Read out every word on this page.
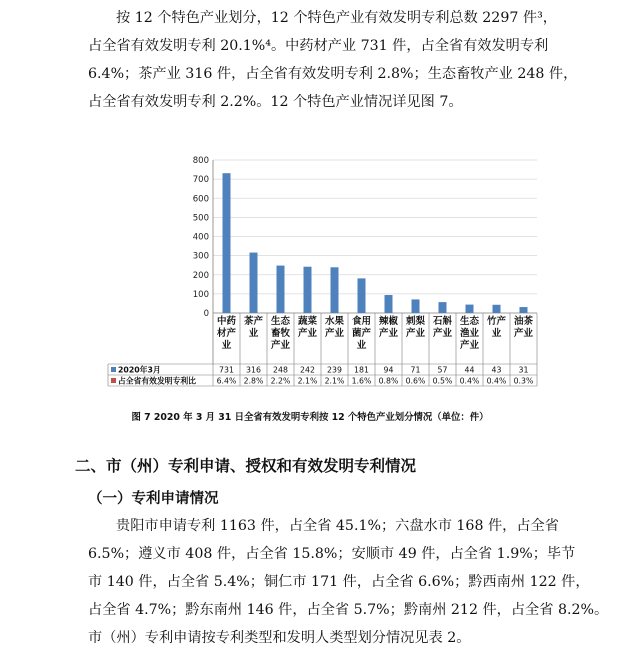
按 12 个特色产业划分，12 个特色产业有效发明专利总数 2297 件³，
占全省有效发明专利 20.1%⁴。中药材产业 731 件，占全省有效发明专利
6.4%；茶产业 316 件，占全省有效发明专利 2.8%；生态畜牧产业 248 件，
占全省有效发明专利 2.2%。12 个特色产业情况详见图 7。
0
100
200
300
400
500
600
700
800
中药
材产
业
茶产
业
生态
畜牧
产业
蔬菜
产业
水果
产业
食用
菌产
业
辣椒
产业
刺梨
产业
石斛
产业
生态
渔业
产业
竹产
业
油茶
产业
2020年3月	731 316 248 242 239 181 94 71 57 44 43 31
占全省有效发明专利比	6.4% 2.8% 2.2% 2.1% 2.1% 1.6% 0.8% 0.6% 0.5% 0.4% 0.4% 0.3%
图 7 2020 年 3 月 31 日全省有效发明专利按 12 个特色产业划分情况（单位：件）
二、市（州）专利申请、授权和有效发明专利情况
（一）专利申请情况
贵阳市申请专利 1163 件，占全省 45.1%；六盘水市 168 件，占全省
6.5%；遵义市 408 件，占全省 15.8%；安顺市 49 件，占全省 1.9%；毕节
市 140 件，占全省 5.4%；铜仁市 171 件，占全省 6.6%；黔西南州 122 件，
占全省 4.7%；黔东南州 146 件，占全省 5.7%；黔南州 212 件，占全省 8.2%。
市（州）专利申请按专利类型和发明人类型划分情况见表 2。
